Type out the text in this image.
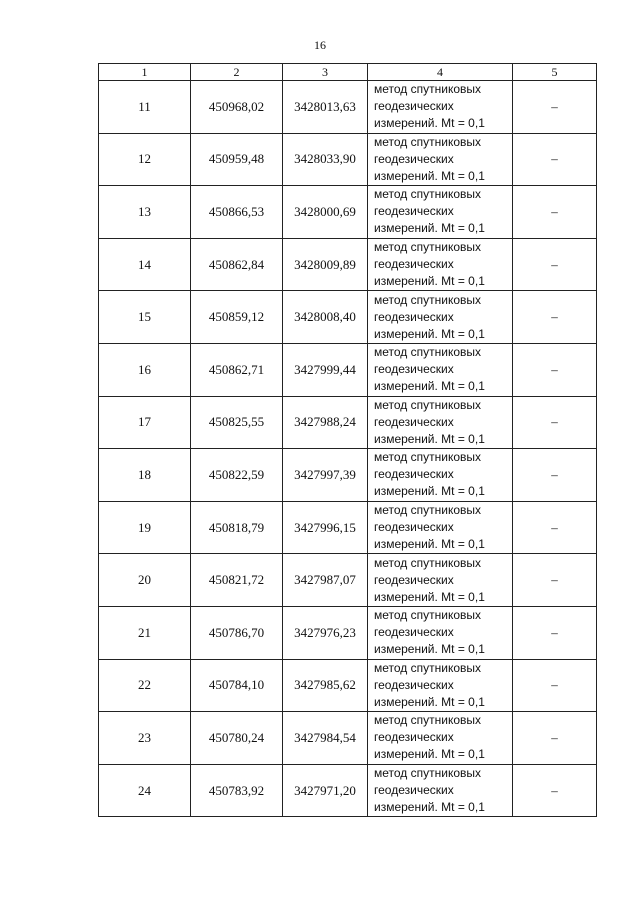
16
1	2	3	4	5
11	450968,02	3428013,63	метод спутниковых
геодезических
измерений. Mt = 0,1	–
12	450959,48	3428033,90	метод спутниковых
геодезических
измерений. Mt = 0,1	–
13	450866,53	3428000,69	метод спутниковых
геодезических
измерений. Mt = 0,1	–
14	450862,84	3428009,89	метод спутниковых
геодезических
измерений. Mt = 0,1	–
15	450859,12	3428008,40	метод спутниковых
геодезических
измерений. Mt = 0,1	–
16	450862,71	3427999,44	метод спутниковых
геодезических
измерений. Mt = 0,1	–
17	450825,55	3427988,24	метод спутниковых
геодезических
измерений. Mt = 0,1	–
18	450822,59	3427997,39	метод спутниковых
геодезических
измерений. Mt = 0,1	–
19	450818,79	3427996,15	метод спутниковых
геодезических
измерений. Mt = 0,1	–
20	450821,72	3427987,07	метод спутниковых
геодезических
измерений. Mt = 0,1	–
21	450786,70	3427976,23	метод спутниковых
геодезических
измерений. Mt = 0,1	–
22	450784,10	3427985,62	метод спутниковых
геодезических
измерений. Mt = 0,1	–
23	450780,24	3427984,54	метод спутниковых
геодезических
измерений. Mt = 0,1	–
24	450783,92	3427971,20	метод спутниковых
геодезических
измерений. Mt = 0,1	–
